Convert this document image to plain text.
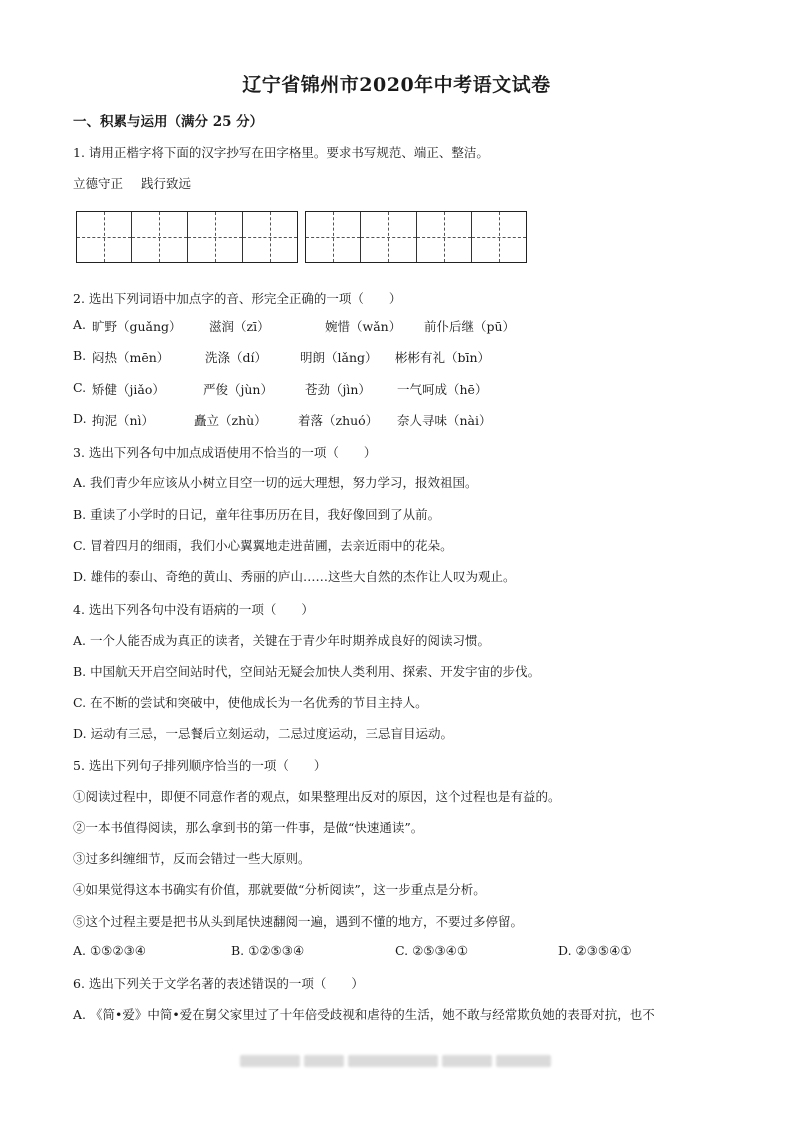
辽宁省锦州市2020年中考语文试卷
一、积累与运用（满分 25 分）
1. 请用正楷字将下面的汉字抄写在田字格里。要求书写规范、端正、整洁。
立德守正 践行致远
2. 选出下列词语中加点字的音、形完全正确的一项（　　）
A. 旷野（guǎng） 滋润（zī）	婉惜（wǎn） 前仆后继（pū）
B. 闷热（mēn）	洗涤（dí）	明朗（lǎng） 彬彬有礼（bīn）
C. 矫健（jiǎo）	严俊（jùn）	苍劲（jìn） 一气呵成（hē）
D. 拘泥（nì）	矗立（zhù）	着落（zhuó） 奈人寻味（nài）
3. 选出下列各句中加点成语使用不恰当的一项（　　）
A. 我们青少年应该从小树立目空一切的远大理想，努力学习，报效祖国。
B. 重读了小学时的日记，童年往事历历在目，我好像回到了从前。
C. 冒着四月的细雨，我们小心翼翼地走进苗圃，去亲近雨中的花朵。
D. 雄伟的泰山、奇绝的黄山、秀丽的庐山……这些大自然的杰作让人叹为观止。
4. 选出下列各句中没有语病的一项（　　）
A. 一个人能否成为真正的读者，关键在于青少年时期养成良好的阅读习惯。
B. 中国航天开启空间站时代，空间站无疑会加快人类利用、探索、开发宇宙的步伐。
C. 在不断的尝试和突破中，使他成长为一名优秀的节目主持人。
D. 运动有三忌，一忌餐后立刻运动，二忌过度运动，三忌盲目运动。
5. 选出下列句子排列顺序恰当的一项（　　）
①阅读过程中，即便不同意作者的观点，如果整理出反对的原因，这个过程也是有益的。
②一本书值得阅读，那么拿到书的第一件事，是做“快速通读”。
③过多纠缠细节，反而会错过一些大原则。
④如果觉得这本书确实有价值，那就要做“分析阅读”，这一步重点是分析。
⑤这个过程主要是把书从头到尾快速翻阅一遍，遇到不懂的地方，不要过多停留。
A. ①⑤②③④	B. ①②⑤③④	C. ②⑤③④①	D. ②③⑤④①
6. 选出下列关于文学名著的表述错误的一项（　　）
A. 《简•爱》中简•爱在舅父家里过了十年倍受歧视和虐待的生活，她不敢与经常欺负她的表哥对抗，也不
